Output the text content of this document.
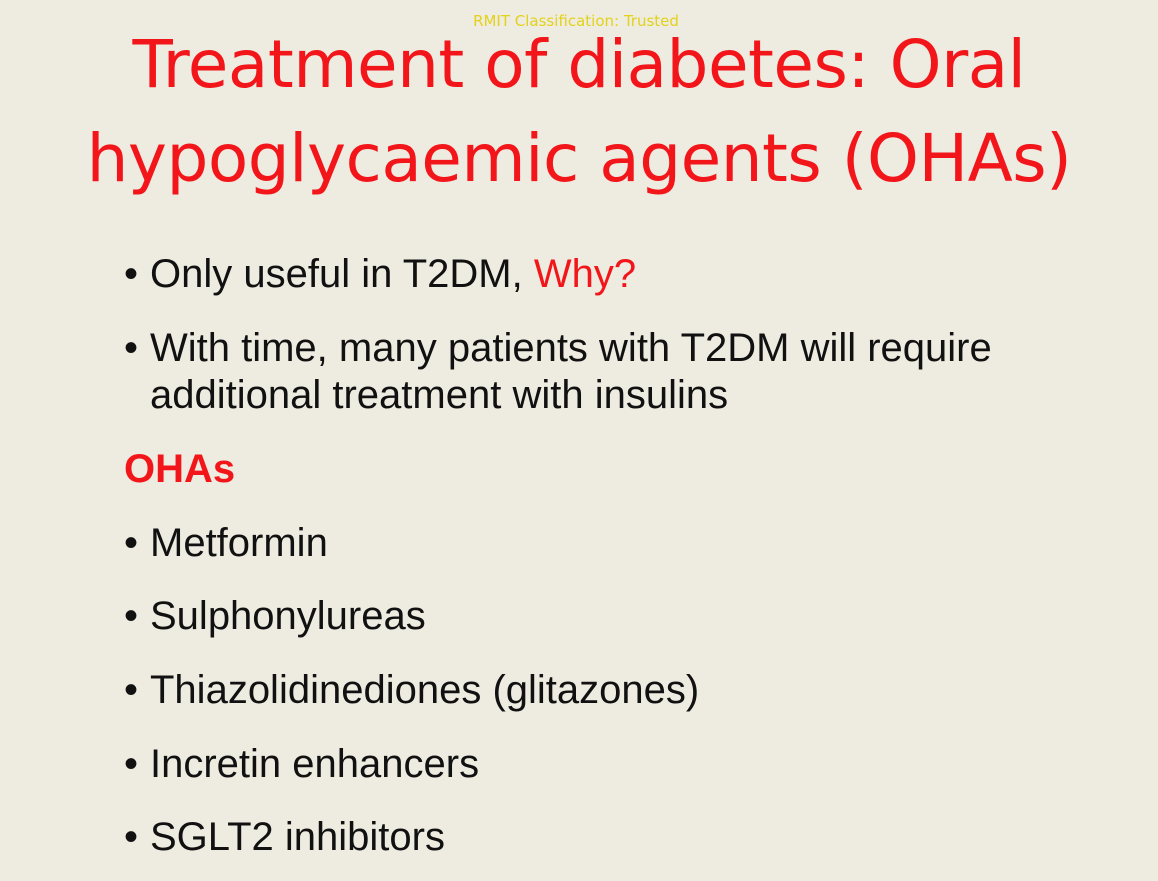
RMIT Classification: Trusted
Treatment of diabetes: Oral
hypoglycaemic agents (OHAs)
• Only useful in T2DM, Why?
• With time, many patients with T2DM will require
additional treatment with insulins
OHAs
• Metformin
• Sulphonylureas
• Thiazolidinediones (glitazones)
• Incretin enhancers
• SGLT2 inhibitors
